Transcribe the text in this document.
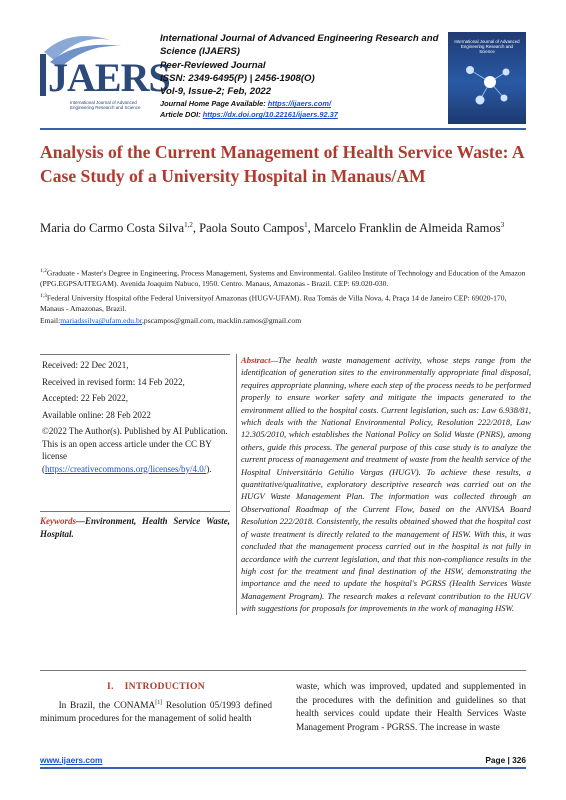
JAERS
International Journal of Advanced Engineering Research and Science
International Journal of Advanced Engineering Research and
Science (IJAERS)
Peer-Reviewed Journal
ISSN: 2349-6495(P) | 2456-1908(O)
Vol-9, Issue-2; Feb, 2022
Journal Home Page Available: https://ijaers.com/
Article DOI: https://dx.doi.org/10.22161/ijaers.92.37
International Journal of Advanced Engineering Research and Science
Analysis of the Current Management of Health Service Waste: A Case Study of a University Hospital in Manaus/AM
Maria do Carmo Costa Silva$^{1,2}$, Paola Souto Campos$^1$, Marcelo Franklin de Almeida Ramos$^3$

$^{1,2}$Graduate - Master's Degree in Engineering, Process Management, Systems and Environmental. Galileo Institute of Technology and Education of the Amazon (PPG.EGPSA/ITEGAM). Avenida Joaquim Nabuco, 1950. Centro. Manaus, Amazonas - Brazil. CEP: 69.020-030.

$^{1,3}$Federal University Hospital ofthe Federal Universityof Amazonas (HUGV-UFAM). Rua Tomás de Villa Nova, 4, Praça 14 de Janeiro CEP: 69020-170, Manaus - Amazonas, Brazil.

Email:mariadssilva@ufam.edu.br,pscampos@gmail.com, macklin.ramos@gmail.com

Received: 22 Dec 2021,
Received in revised form: 14 Feb 2022,
Accepted: 22 Feb 2022,
Available online: 28 Feb 2022
©2022 The Author(s). Published by AI Publication. This is an open access article under the CC BY license (https://creativecommons.org/licenses/by/4.0/).
Keywords—Environment, Health Service Waste, Hospital.
Abstract—The health waste management activity, whose steps range from the identification of generation sites to the environmentally appropriate final disposal, requires appropriate planning, where each step of the process needs to be performed properly to ensure worker safety and mitigate the impacts generated to the environment allied to the hospital costs. Current legislation, such as: Law 6.938/81, which deals with the National Environmental Policy, Resolution 222/2018, Law 12.305/2010, which establishes the National Policy on Solid Waste (PNRS), among others, guide this process. The general purpose of this case study is to analyze the current process of management and treatment of waste from the health service of the Hospital Universitário Getúlio Vargas (HUGV). To achieve these results, a quantitative/qualitative, exploratory descriptive research was carried out on the HUGV Waste Management Plan. The information was collected through an Observational Roadmap of the Current Flow, based on the ANVISA Board Resolution 222/2018. Consistently, the results obtained showed that the hospital cost of waste treatment is directly related to the management of HSW. With this, it was concluded that the management process carried out in the hospital is not fully in accordance with the current legislation, and that this non-compliance results in the high cost for the treatment and final destination of the HSW, demonstrating the importance and the need to update the hospital's PGRSS (Health Services Waste Management Program). The research makes a relevant contribution to the HUGV with suggestions for proposals for improvements in the work of managing HSW.
I.    INTRODUCTION
In Brazil, the CONAMA[1] Resolution 05/1993 defined minimum procedures for the management of solid health
waste, which was improved, updated and supplemented in the procedures with the definition and guidelines so that health services could update their Health Services Waste Management Program - PGRSS. The increase in waste
www.ijaers.com	Page | 326
